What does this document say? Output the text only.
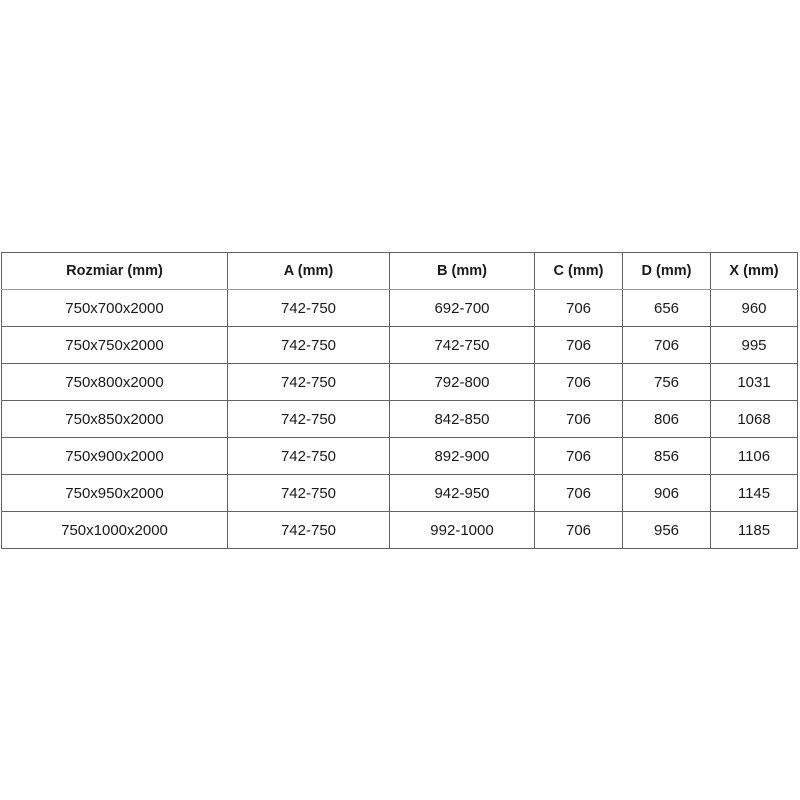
Rozmiar (mm)	A (mm)	B (mm)	C (mm)	D (mm)	X (mm)
750x700x2000	742-750	692-700	706	656	960
750x750x2000	742-750	742-750	706	706	995
750x800x2000	742-750	792-800	706	756	1031
750x850x2000	742-750	842-850	706	806	1068
750x900x2000	742-750	892-900	706	856	1106
750x950x2000	742-750	942-950	706	906	1145
750x1000x2000	742-750	992-1000	706	956	1185
